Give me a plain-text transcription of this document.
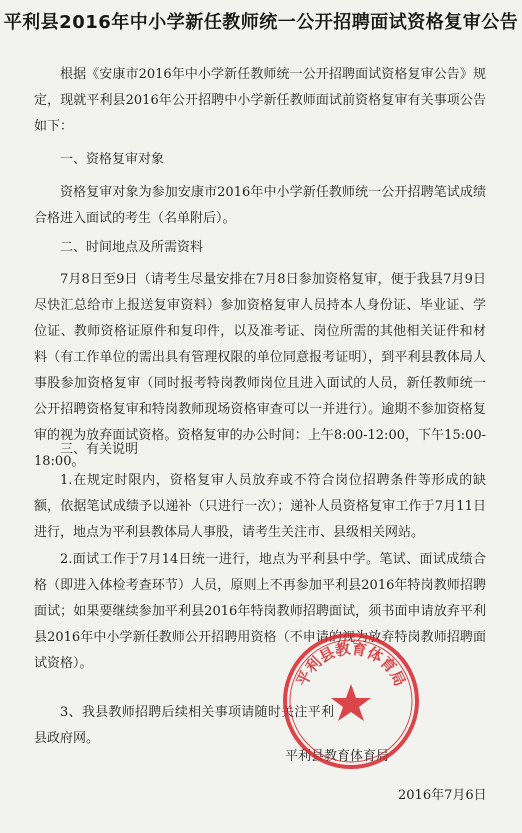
平利县2016年中小学新任教师统一公开招聘面试资格复审公告
根据《安康市2016年中小学新任教师统一公开招聘面试资格复审公告》规定，现就平利县2016年公开招聘中小学新任教师面试前资格复审有关事项公告如下：
一、资格复审对象
资格复审对象为参加安康市2016年中小学新任教师统一公开招聘笔试成绩合格进入面试的考生（名单附后）。
二、时间地点及所需资料
7月8日至9日（请考生尽量安排在7月8日参加资格复审，便于我县7月9日尽快汇总给市上报送复审资料）参加资格复审人员持本人身份证、毕业证、学位证、教师资格证原件和复印件，以及准考证、岗位所需的其他相关证件和材料（有工作单位的需出具有管理权限的单位同意报考证明），到平利县教体局人事股参加资格复审（同时报考特岗教师岗位且进入面试的人员，新任教师统一公开招聘资格复审和特岗教师现场资格审查可以一并进行）。逾期不参加资格复审的视为放弃面试资格。资格复审的办公时间：上午8:00-12:00，下午15:00-18:00。
三、有关说明
1.在规定时限内，资格复审人员放弃或不符合岗位招聘条件等形成的缺额，依据笔试成绩予以递补（只进行一次）；递补人员资格复审工作于7月11日进行，地点为平利县教体局人事股，请考生关注市、县级相关网站。
2.面试工作于7月14日统一进行，地点为平利县中学。笔试、面试成绩合格（即进入体检考查环节）人员，原则上不再参加平利县2016年特岗教师招聘面试；如果要继续参加平利县2016年特岗教师招聘面试，须书面申请放弃平利县2016年中小学新任教师公开招聘用资格（不申请的视为放弃特岗教师招聘面试资格）。
3、我县教师招聘后续相关事项请随时关注平利县政府网。
平利县教育体育局
2016年7月6日
平利县教育体育局
